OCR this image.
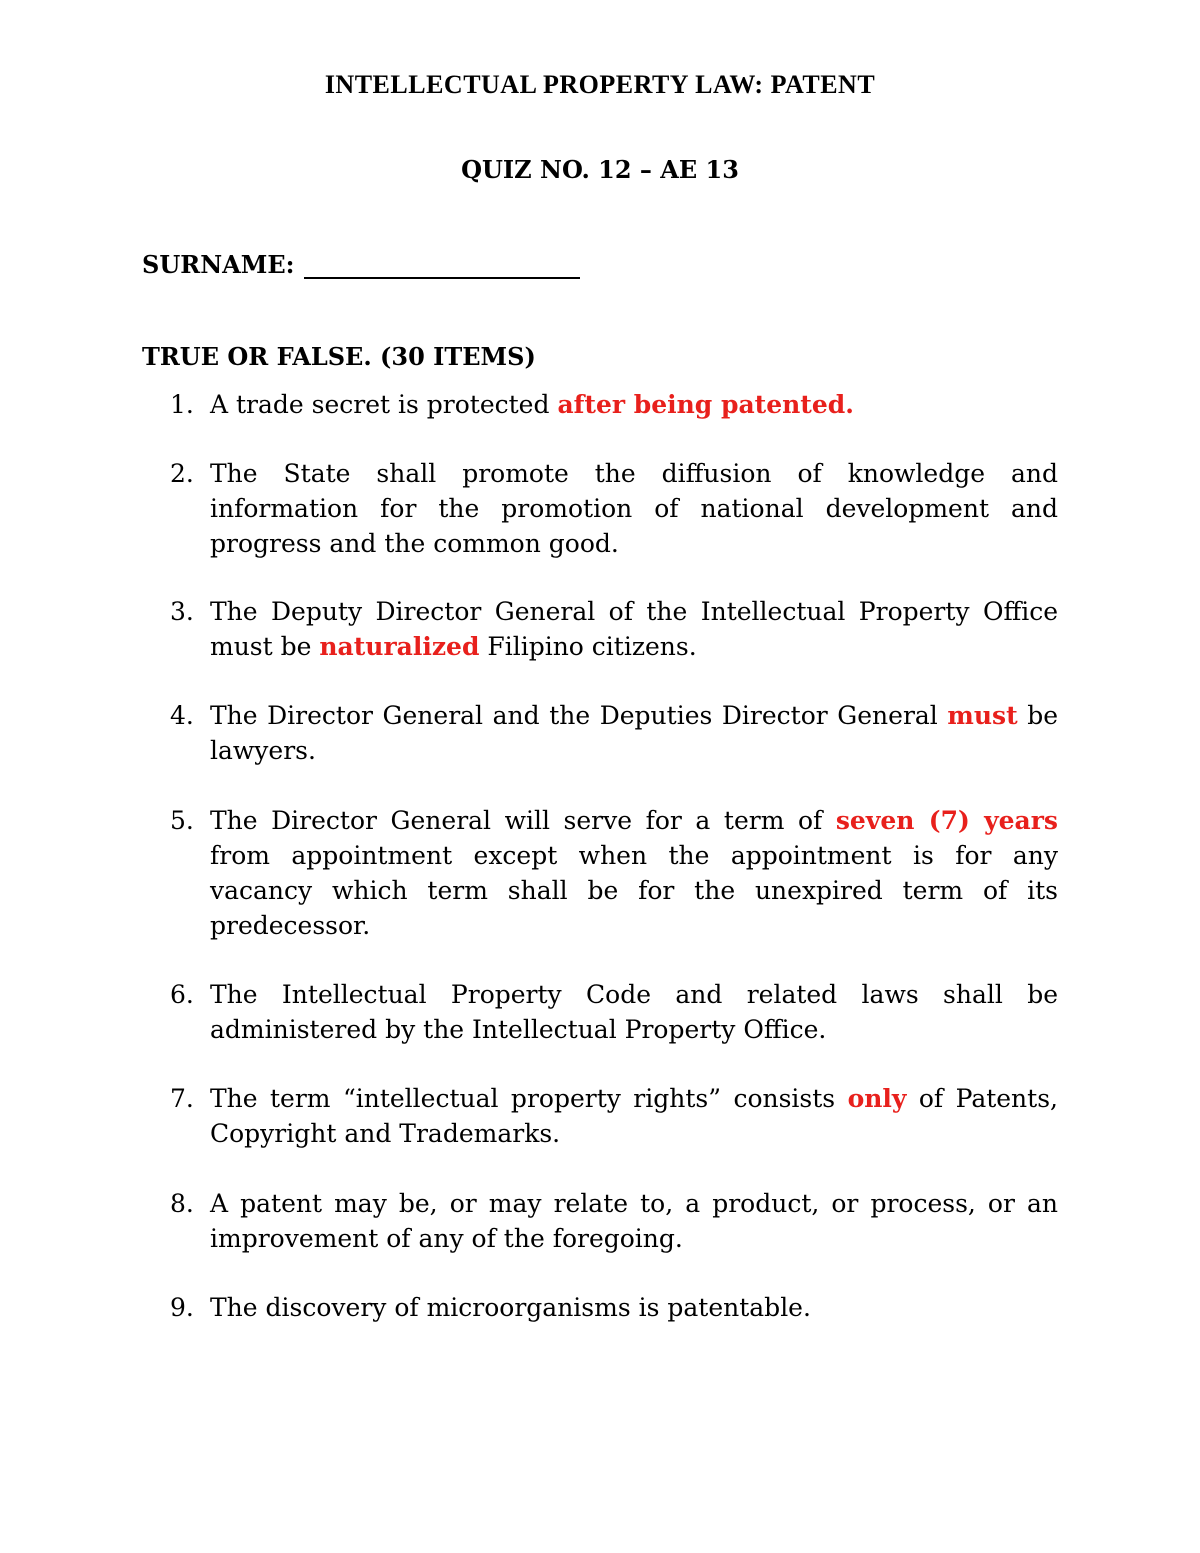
INTELLECTUAL PROPERTY LAW: PATENT
QUIZ NO. 12 – AE 13
SURNAME:
TRUE OR FALSE. (30 ITEMS)
1. A trade secret is protected after being patented.
2. The State shall promote the diffusion of knowledge and information for the promotion of national development and progress and the common good.
3. The Deputy Director General of the Intellectual Property Office must be naturalized Filipino citizens.
4. The Director General and the Deputies Director General must be lawyers.
5. The Director General will serve for a term of seven (7) years from appointment except when the appointment is for any vacancy which term shall be for the unexpired term of its predecessor.
6. The Intellectual Property Code and related laws shall be administered by the Intellectual Property Office.
7. The term “intellectual property rights” consists only of Patents, Copyright and Trademarks.
8. A patent may be, or may relate to, a product, or process, or an improvement of any of the foregoing.
9. The discovery of microorganisms is patentable.
